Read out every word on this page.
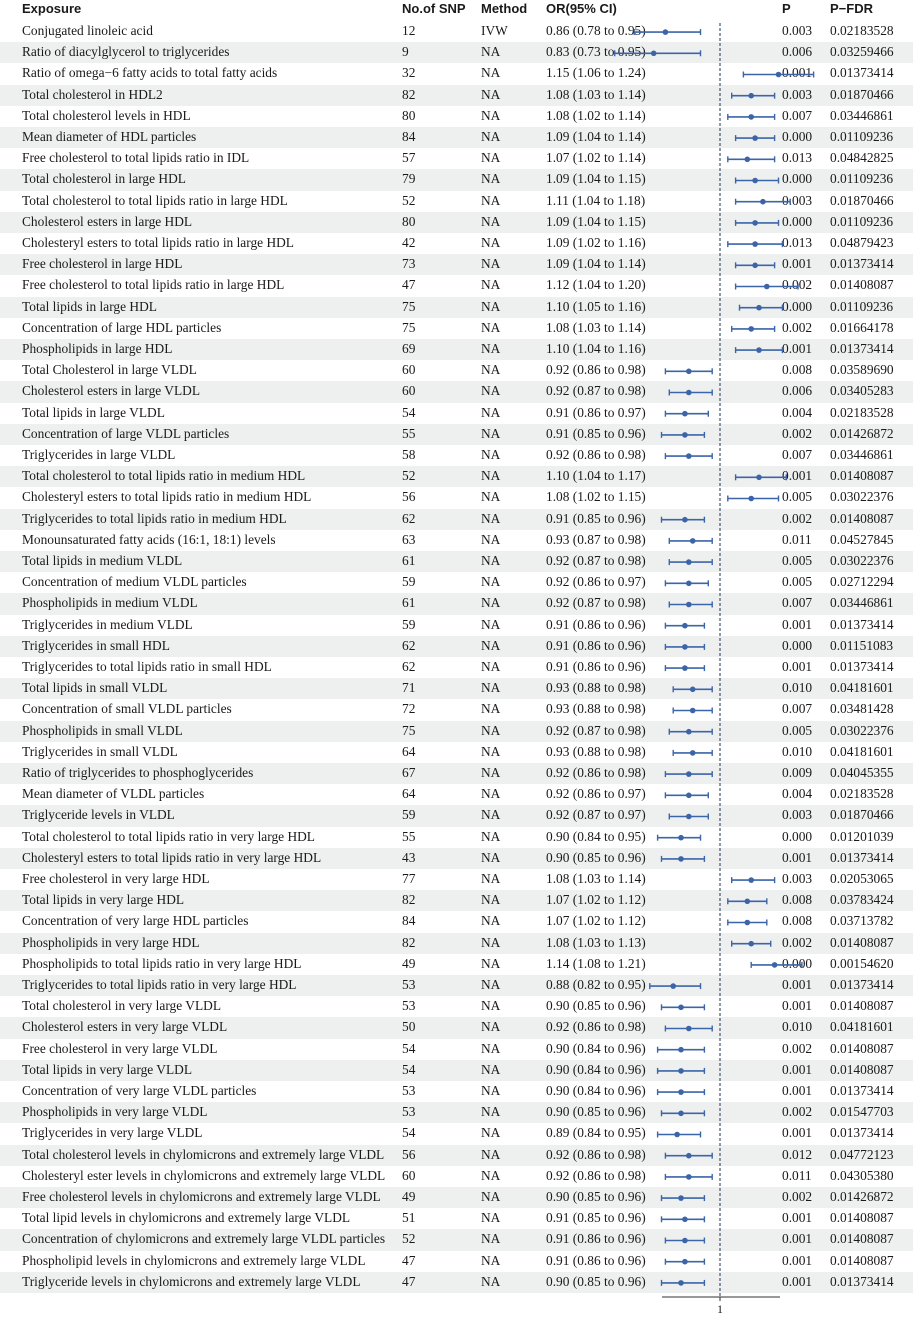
Exposure	No.of SNP Method OR(95% CI)	P	P−FDR
Conjugated linoleic acid	12	IVW	0.86 (0.78 to 0.95)	0.003 0.02183528
Ratio of diacylglycerol to triglycerides	9	NA	0.83 (0.73 to 0.95)	0.006 0.03259466
Ratio of omega−6 fatty acids to total fatty acids	32	NA	1.15 (1.06 to 1.24)	0.001 0.01373414
Total cholesterol in HDL2	82	NA	1.08 (1.03 to 1.14)	0.003 0.01870466
Total cholesterol levels in HDL	80	NA	1.08 (1.02 to 1.14)	0.007 0.03446861
Mean diameter of HDL particles	84	NA	1.09 (1.04 to 1.14)	0.000 0.01109236
Free cholesterol to total lipids ratio in IDL	57	NA	1.07 (1.02 to 1.14)	0.013 0.04842825
Total cholesterol in large HDL	79	NA	1.09 (1.04 to 1.15)	0.000 0.01109236
Total cholesterol to total lipids ratio in large HDL	52	NA	1.11 (1.04 to 1.18)	0.003 0.01870466
Cholesterol esters in large HDL	80	NA	1.09 (1.04 to 1.15)	0.000 0.01109236
Cholesteryl esters to total lipids ratio in large HDL	42	NA	1.09 (1.02 to 1.16)	0.013 0.04879423
Free cholesterol in large HDL	73	NA	1.09 (1.04 to 1.14)	0.001 0.01373414
Free cholesterol to total lipids ratio in large HDL	47	NA	1.12 (1.04 to 1.20)	0.002 0.01408087
Total lipids in large HDL	75	NA	1.10 (1.05 to 1.16)	0.000 0.01109236
Concentration of large HDL particles	75	NA	1.08 (1.03 to 1.14)	0.002 0.01664178
Phospholipids in large HDL	69	NA	1.10 (1.04 to 1.16)	0.001 0.01373414
Total Cholesterol in large VLDL	60	NA	0.92 (0.86 to 0.98)	0.008 0.03589690
Cholesterol esters in large VLDL	60	NA	0.92 (0.87 to 0.98)	0.006 0.03405283
Total lipids in large VLDL	54	NA	0.91 (0.86 to 0.97)	0.004 0.02183528
Concentration of large VLDL particles	55	NA	0.91 (0.85 to 0.96)	0.002 0.01426872
Triglycerides in large VLDL	58	NA	0.92 (0.86 to 0.98)	0.007 0.03446861
Total cholesterol to total lipids ratio in medium HDL	52	NA	1.10 (1.04 to 1.17)	0.001 0.01408087
Cholesteryl esters to total lipids ratio in medium HDL	56	NA	1.08 (1.02 to 1.15)	0.005 0.03022376
Triglycerides to total lipids ratio in medium HDL	62	NA	0.91 (0.85 to 0.96)	0.002 0.01408087
Monounsaturated fatty acids (16:1, 18:1) levels	63	NA	0.93 (0.87 to 0.98)	0.011 0.04527845
Total lipids in medium VLDL	61	NA	0.92 (0.87 to 0.98)	0.005 0.03022376
Concentration of medium VLDL particles	59	NA	0.92 (0.86 to 0.97)	0.005 0.02712294
Phospholipids in medium VLDL	61	NA	0.92 (0.87 to 0.98)	0.007 0.03446861
Triglycerides in medium VLDL	59	NA	0.91 (0.86 to 0.96)	0.001 0.01373414
Triglycerides in small HDL	62	NA	0.91 (0.86 to 0.96)	0.000 0.01151083
Triglycerides to total lipids ratio in small HDL	62	NA	0.91 (0.86 to 0.96)	0.001 0.01373414
Total lipids in small VLDL	71	NA	0.93 (0.88 to 0.98)	0.010 0.04181601
Concentration of small VLDL particles	72	NA	0.93 (0.88 to 0.98)	0.007 0.03481428
Phospholipids in small VLDL	75	NA	0.92 (0.87 to 0.98)	0.005 0.03022376
Triglycerides in small VLDL	64	NA	0.93 (0.88 to 0.98)	0.010 0.04181601
Ratio of triglycerides to phosphoglycerides	67	NA	0.92 (0.86 to 0.98)	0.009 0.04045355
Mean diameter of VLDL particles	64	NA	0.92 (0.86 to 0.97)	0.004 0.02183528
Triglyceride levels in VLDL	59	NA	0.92 (0.87 to 0.97)	0.003 0.01870466
Total cholesterol to total lipids ratio in very large HDL	55	NA	0.90 (0.84 to 0.95)	0.000 0.01201039
Cholesteryl esters to total lipids ratio in very large HDL	43	NA	0.90 (0.85 to 0.96)	0.001 0.01373414
Free cholesterol in very large HDL	77	NA	1.08 (1.03 to 1.14)	0.003 0.02053065
Total lipids in very large HDL	82	NA	1.07 (1.02 to 1.12)	0.008 0.03783424
Concentration of very large HDL particles	84	NA	1.07 (1.02 to 1.12)	0.008 0.03713782
Phospholipids in very large HDL	82	NA	1.08 (1.03 to 1.13)	0.002 0.01408087
Phospholipids to total lipids ratio in very large HDL	49	NA	1.14 (1.08 to 1.21)	0.000 0.00154620
Triglycerides to total lipids ratio in very large HDL	53	NA	0.88 (0.82 to 0.95)	0.001 0.01373414
Total cholesterol in very large VLDL	53	NA	0.90 (0.85 to 0.96)	0.001 0.01408087
Cholesterol esters in very large VLDL	50	NA	0.92 (0.86 to 0.98)	0.010 0.04181601
Free cholesterol in very large VLDL	54	NA	0.90 (0.84 to 0.96)	0.002 0.01408087
Total lipids in very large VLDL	54	NA	0.90 (0.84 to 0.96)	0.001 0.01408087
Concentration of very large VLDL particles	53	NA	0.90 (0.84 to 0.96)	0.001 0.01373414
Phospholipids in very large VLDL	53	NA	0.90 (0.85 to 0.96)	0.002 0.01547703
Triglycerides in very large VLDL	54	NA	0.89 (0.84 to 0.95)	0.001 0.01373414
Total cholesterol levels in chylomicrons and extremely large VLDL 56	NA	0.92 (0.86 to 0.98)	0.012 0.04772123
Cholesteryl ester levels in chylomicrons and extremely large VLDL 60	NA	0.92 (0.86 to 0.98)	0.011 0.04305380
Free cholesterol levels in chylomicrons and extremely large VLDL 49	NA	0.90 (0.85 to 0.96)	0.002 0.01426872
Total lipid levels in chylomicrons and extremely large VLDL	51	NA	0.91 (0.85 to 0.96)	0.001 0.01408087
Concentration of chylomicrons and extremely large VLDL particles 52	NA	0.91 (0.86 to 0.96)	0.001 0.01408087
Phospholipid levels in chylomicrons and extremely large VLDL	47	NA	0.91 (0.86 to 0.96)	0.001 0.01408087
Triglyceride levels in chylomicrons and extremely large VLDL	47	NA	0.90 (0.85 to 0.96)	0.001 0.01373414
1
